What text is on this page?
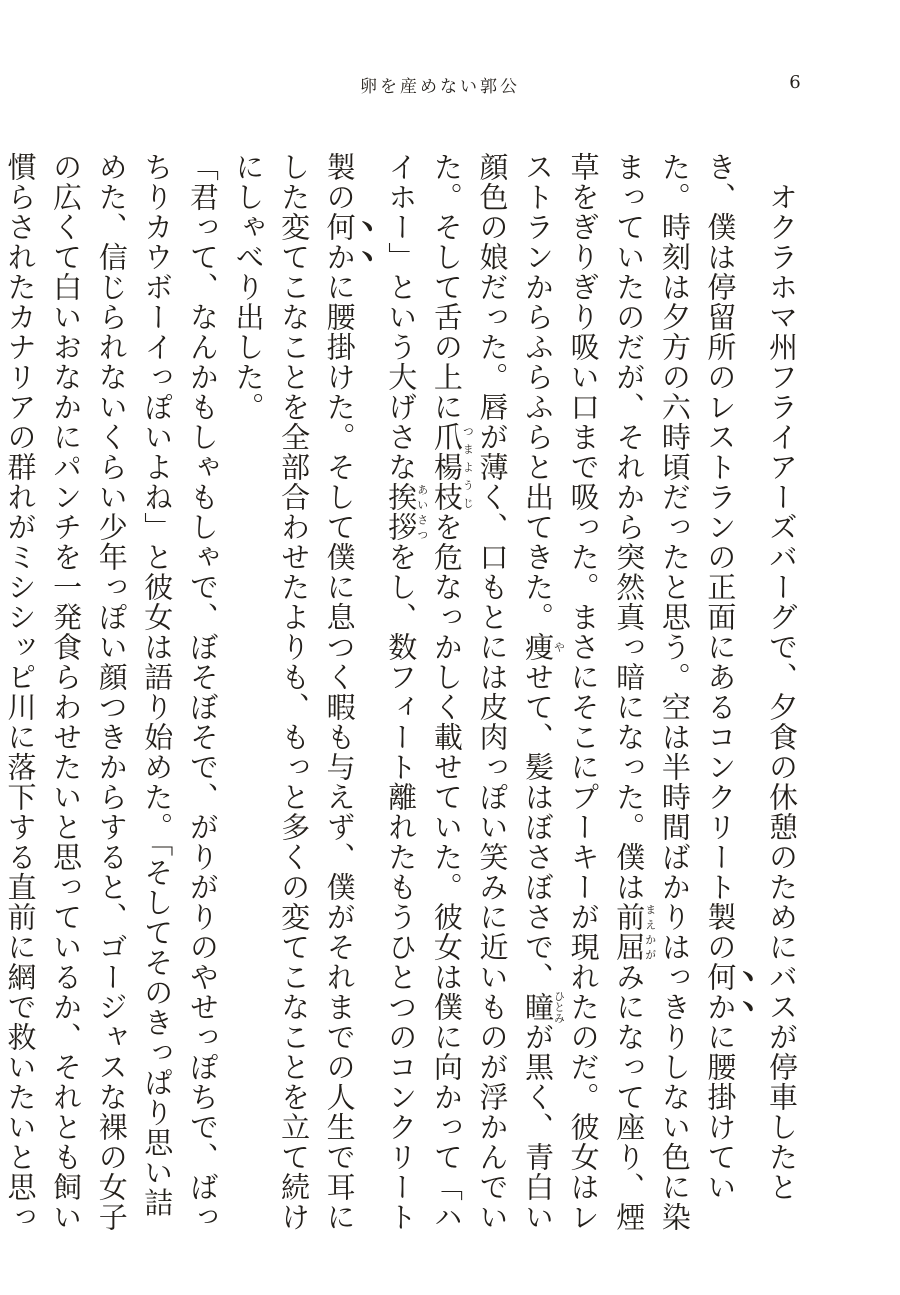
卵を産めない郭公	6

　オクラホマ州フライアーズバーグで、夕食の休憩のためにバスが停車したとき、僕は停留所のレストランの正面にあるコンクリート製の何かに腰掛けていた。時刻は夕方の六時頃だったと思う。空は半時間ばかりはっきりしない色に染まっていたのだが、それから突然真っ暗になった。僕は前屈まえかがみになって座り、煙草をぎりぎり吸い口まで吸った。まさにそこにプーキーが現れたのだ。彼女はレストランからふらふらと出てきた。痩やせて、髪はぼさぼさで、瞳ひとみが黒く、青白い顔色の娘だった。唇が薄く、口もとには皮肉っぽい笑みに近いものが浮かんでいた。そして舌の上に爪楊枝つまようじを危なっかしく載せていた。彼女は僕に向かって「ハイホー」という大げさな挨拶あいさつをし、数フィート離れたもうひとつのコンクリート製の何かに腰掛けた。そして僕に息つく暇も与えず、僕がそれまでの人生で耳にした変てこなことを全部合わせたよりも、もっと多くの変てこなことを立て続けにしゃべり出した。

「君って、なんかもしゃもしゃで、ぼそぼそで、がりがりのやせっぽちで、ばっちりカウボーイっぽいよね」と彼女は語り始めた。「そしてそのきっぱり思い詰めた、信じられないくらい少年っぽい顔つきからすると、ゴージャスな裸の女子の広くて白いおなかにパンチを一発食らわせたいと思っているか、それとも飼い慣らされたカナリアの群れがミシシッピ川に落下する直前に網で救いたいと思っ
